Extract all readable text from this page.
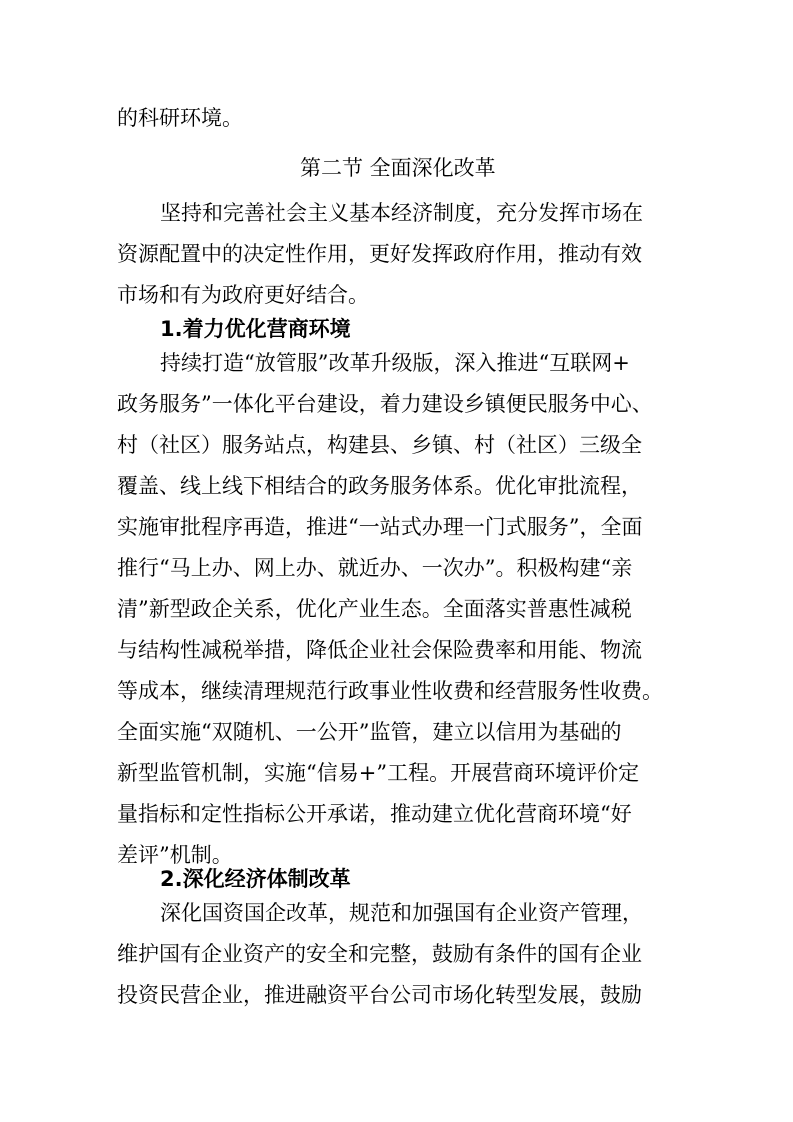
的科研环境。

第二节 全面深化改革

坚持和完善社会主义基本经济制度，充分发挥市场在

资源配置中的决定性作用，更好发挥政府作用，推动有效

市场和有为政府更好结合。

1.着力优化营商环境

持续打造“放管服”改革升级版，深入推进“互联网+

政务服务”一体化平台建设，着力建设乡镇便民服务中心、

村（社区）服务站点，构建县、乡镇、村（社区）三级全

覆盖、线上线下相结合的政务服务体系。优化审批流程，

实施审批程序再造，推进“一站式办理一门式服务”，全面

推行“马上办、网上办、就近办、一次办”。积极构建“亲

清”新型政企关系，优化产业生态。全面落实普惠性减税

与结构性减税举措，降低企业社会保险费率和用能、物流

等成本，继续清理规范行政事业性收费和经营服务性收费。

全面实施“双随机、一公开”监管，建立以信用为基础的

新型监管机制，实施“信易+”工程。开展营商环境评价定

量指标和定性指标公开承诺，推动建立优化营商环境“好

差评”机制。

2.深化经济体制改革

深化国资国企改革，规范和加强国有企业资产管理，

维护国有企业资产的安全和完整，鼓励有条件的国有企业

投资民营企业，推进融资平台公司市场化转型发展，鼓励
